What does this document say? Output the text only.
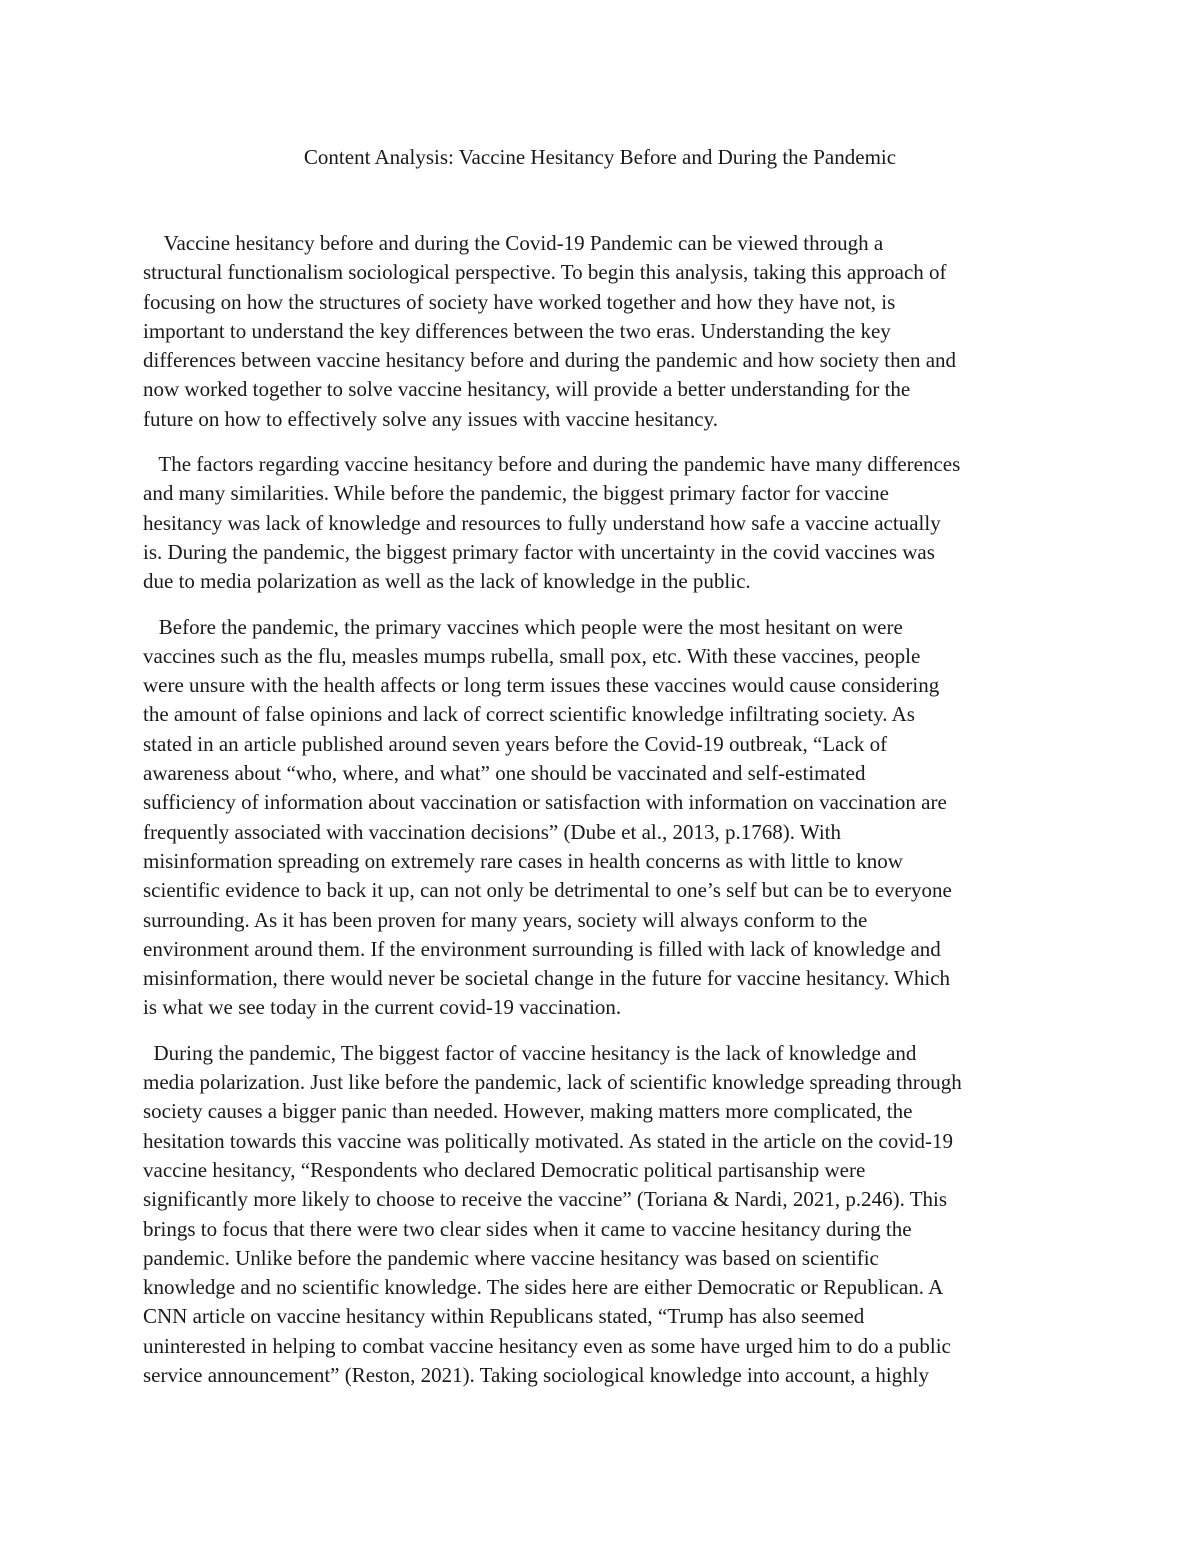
Content Analysis: Vaccine Hesitancy Before and During the Pandemic

Vaccine hesitancy before and during the Covid-19 Pandemic can be viewed through a
structural functionalism sociological perspective. To begin this analysis, taking this approach of
focusing on how the structures of society have worked together and how they have not, is
important to understand the key differences between the two eras. Understanding the key
differences between vaccine hesitancy before and during the pandemic and how society then and
now worked together to solve vaccine hesitancy, will provide a better understanding for the
future on how to effectively solve any issues with vaccine hesitancy.

The factors regarding vaccine hesitancy before and during the pandemic have many differences
and many similarities. While before the pandemic, the biggest primary factor for vaccine
hesitancy was lack of knowledge and resources to fully understand how safe a vaccine actually
is. During the pandemic, the biggest primary factor with uncertainty in the covid vaccines was
due to media polarization as well as the lack of knowledge in the public.

Before the pandemic, the primary vaccines which people were the most hesitant on were
vaccines such as the flu, measles mumps rubella, small pox, etc. With these vaccines, people
were unsure with the health affects or long term issues these vaccines would cause considering
the amount of false opinions and lack of correct scientific knowledge infiltrating society. As
stated in an article published around seven years before the Covid-19 outbreak, “Lack of
awareness about “who, where, and what” one should be vaccinated and self-estimated
sufficiency of information about vaccination or satisfaction with information on vaccination are
frequently associated with vaccination decisions” (Dube et al., 2013, p.1768). With
misinformation spreading on extremely rare cases in health concerns as with little to know
scientific evidence to back it up, can not only be detrimental to one’s self but can be to everyone
surrounding. As it has been proven for many years, society will always conform to the
environment around them. If the environment surrounding is filled with lack of knowledge and
misinformation, there would never be societal change in the future for vaccine hesitancy. Which
is what we see today in the current covid-19 vaccination.

During the pandemic, The biggest factor of vaccine hesitancy is the lack of knowledge and
media polarization. Just like before the pandemic, lack of scientific knowledge spreading through
society causes a bigger panic than needed. However, making matters more complicated, the
hesitation towards this vaccine was politically motivated. As stated in the article on the covid-19
vaccine hesitancy, “Respondents who declared Democratic political partisanship were
significantly more likely to choose to receive the vaccine” (Toriana & Nardi, 2021, p.246). This
brings to focus that there were two clear sides when it came to vaccine hesitancy during the
pandemic. Unlike before the pandemic where vaccine hesitancy was based on scientific
knowledge and no scientific knowledge. The sides here are either Democratic or Republican. A
CNN article on vaccine hesitancy within Republicans stated, “Trump has also seemed
uninterested in helping to combat vaccine hesitancy even as some have urged him to do a public
service announcement” (Reston, 2021). Taking sociological knowledge into account, a highly
